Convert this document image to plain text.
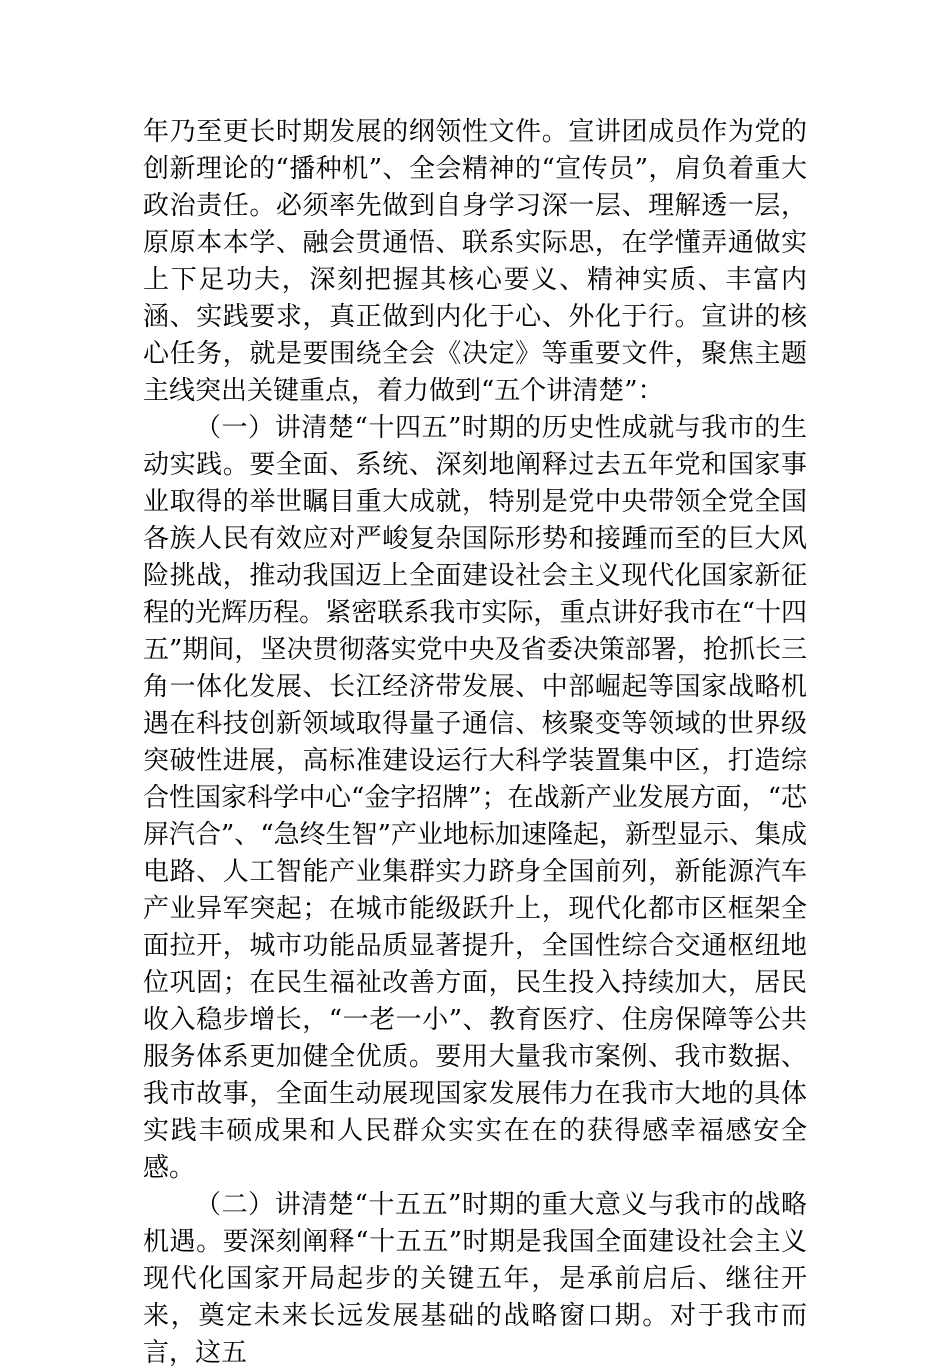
年乃至更长时期发展的纲领性文件。宣讲团成员作为党的创新理论的“播种机”、全会精神的“宣传员”，肩负着重大政治责任。必须率先做到自身学习深一层、理解透一层，原原本本学、融会贯通悟、联系实际思，在学懂弄通做实上下足功夫，深刻把握其核心要义、精神实质、丰富内涵、实践要求，真正做到内化于心、外化于行。宣讲的核心任务，就是要围绕全会《决定》等重要文件，聚焦主题主线突出关键重点，着力做到“五个讲清楚”：

（一）讲清楚“十四五”时期的历史性成就与我市的生动实践。要全面、系统、深刻地阐释过去五年党和国家事业取得的举世瞩目重大成就，特别是党中央带领全党全国各族人民有效应对严峻复杂国际形势和接踵而至的巨大风险挑战，推动我国迈上全面建设社会主义现代化国家新征程的光辉历程。紧密联系我市实际，重点讲好我市在“十四五”期间，坚决贯彻落实党中央及省委决策部署，抢抓长三角一体化发展、长江经济带发展、中部崛起等国家战略机遇在科技创新领域取得量子通信、核聚变等领域的世界级突破性进展，高标准建设运行大科学装置集中区，打造综合性国家科学中心“金字招牌”；在战新产业发展方面，“芯屏汽合”、“急终生智”产业地标加速隆起，新型显示、集成电路、人工智能产业集群实力跻身全国前列，新能源汽车产业异军突起；在城市能级跃升上，现代化都市区框架全面拉开，城市功能品质显著提升，全国性综合交通枢纽地位巩固；在民生福祉改善方面，民生投入持续加大，居民收入稳步增长，“一老一小”、教育医疗、住房保障等公共服务体系更加健全优质。要用大量我市案例、我市数据、我市故事，全面生动展现国家发展伟力在我市大地的具体实践丰硕成果和人民群众实实在在的获得感幸福感安全感。

（二）讲清楚“十五五”时期的重大意义与我市的战略机遇。要深刻阐释“十五五”时期是我国全面建设社会主义现代化国家开局起步的关键五年，是承前启后、继往开来，奠定未来长远发展基础的战略窗口期。对于我市而言，这五
